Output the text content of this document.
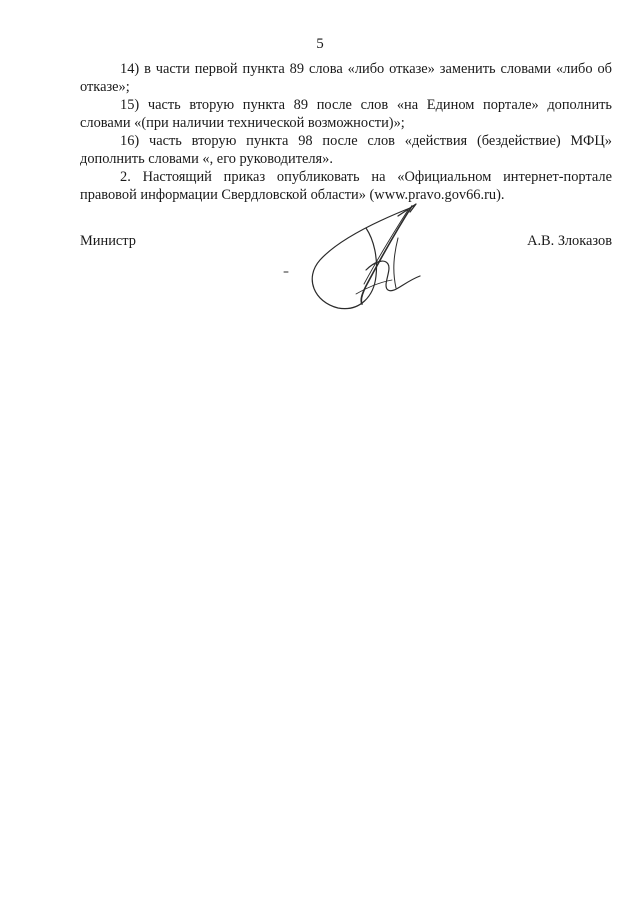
5

14) в части первой пункта 89 слова «либо отказе» заменить словами «либо об отказе»;

15) часть вторую пункта 89 после слов «на Едином портале» дополнить словами «(при наличии технической возможности)»;

16) часть вторую пункта 98 после слов «действия (бездействие) МФЦ» дополнить словами «, его руководителя».

2. Настоящий приказ опубликовать на «Официальном интернет-портале правовой информации Свердловской области» (www.pravo.gov66.ru).

Министр	А.В. Злоказов
